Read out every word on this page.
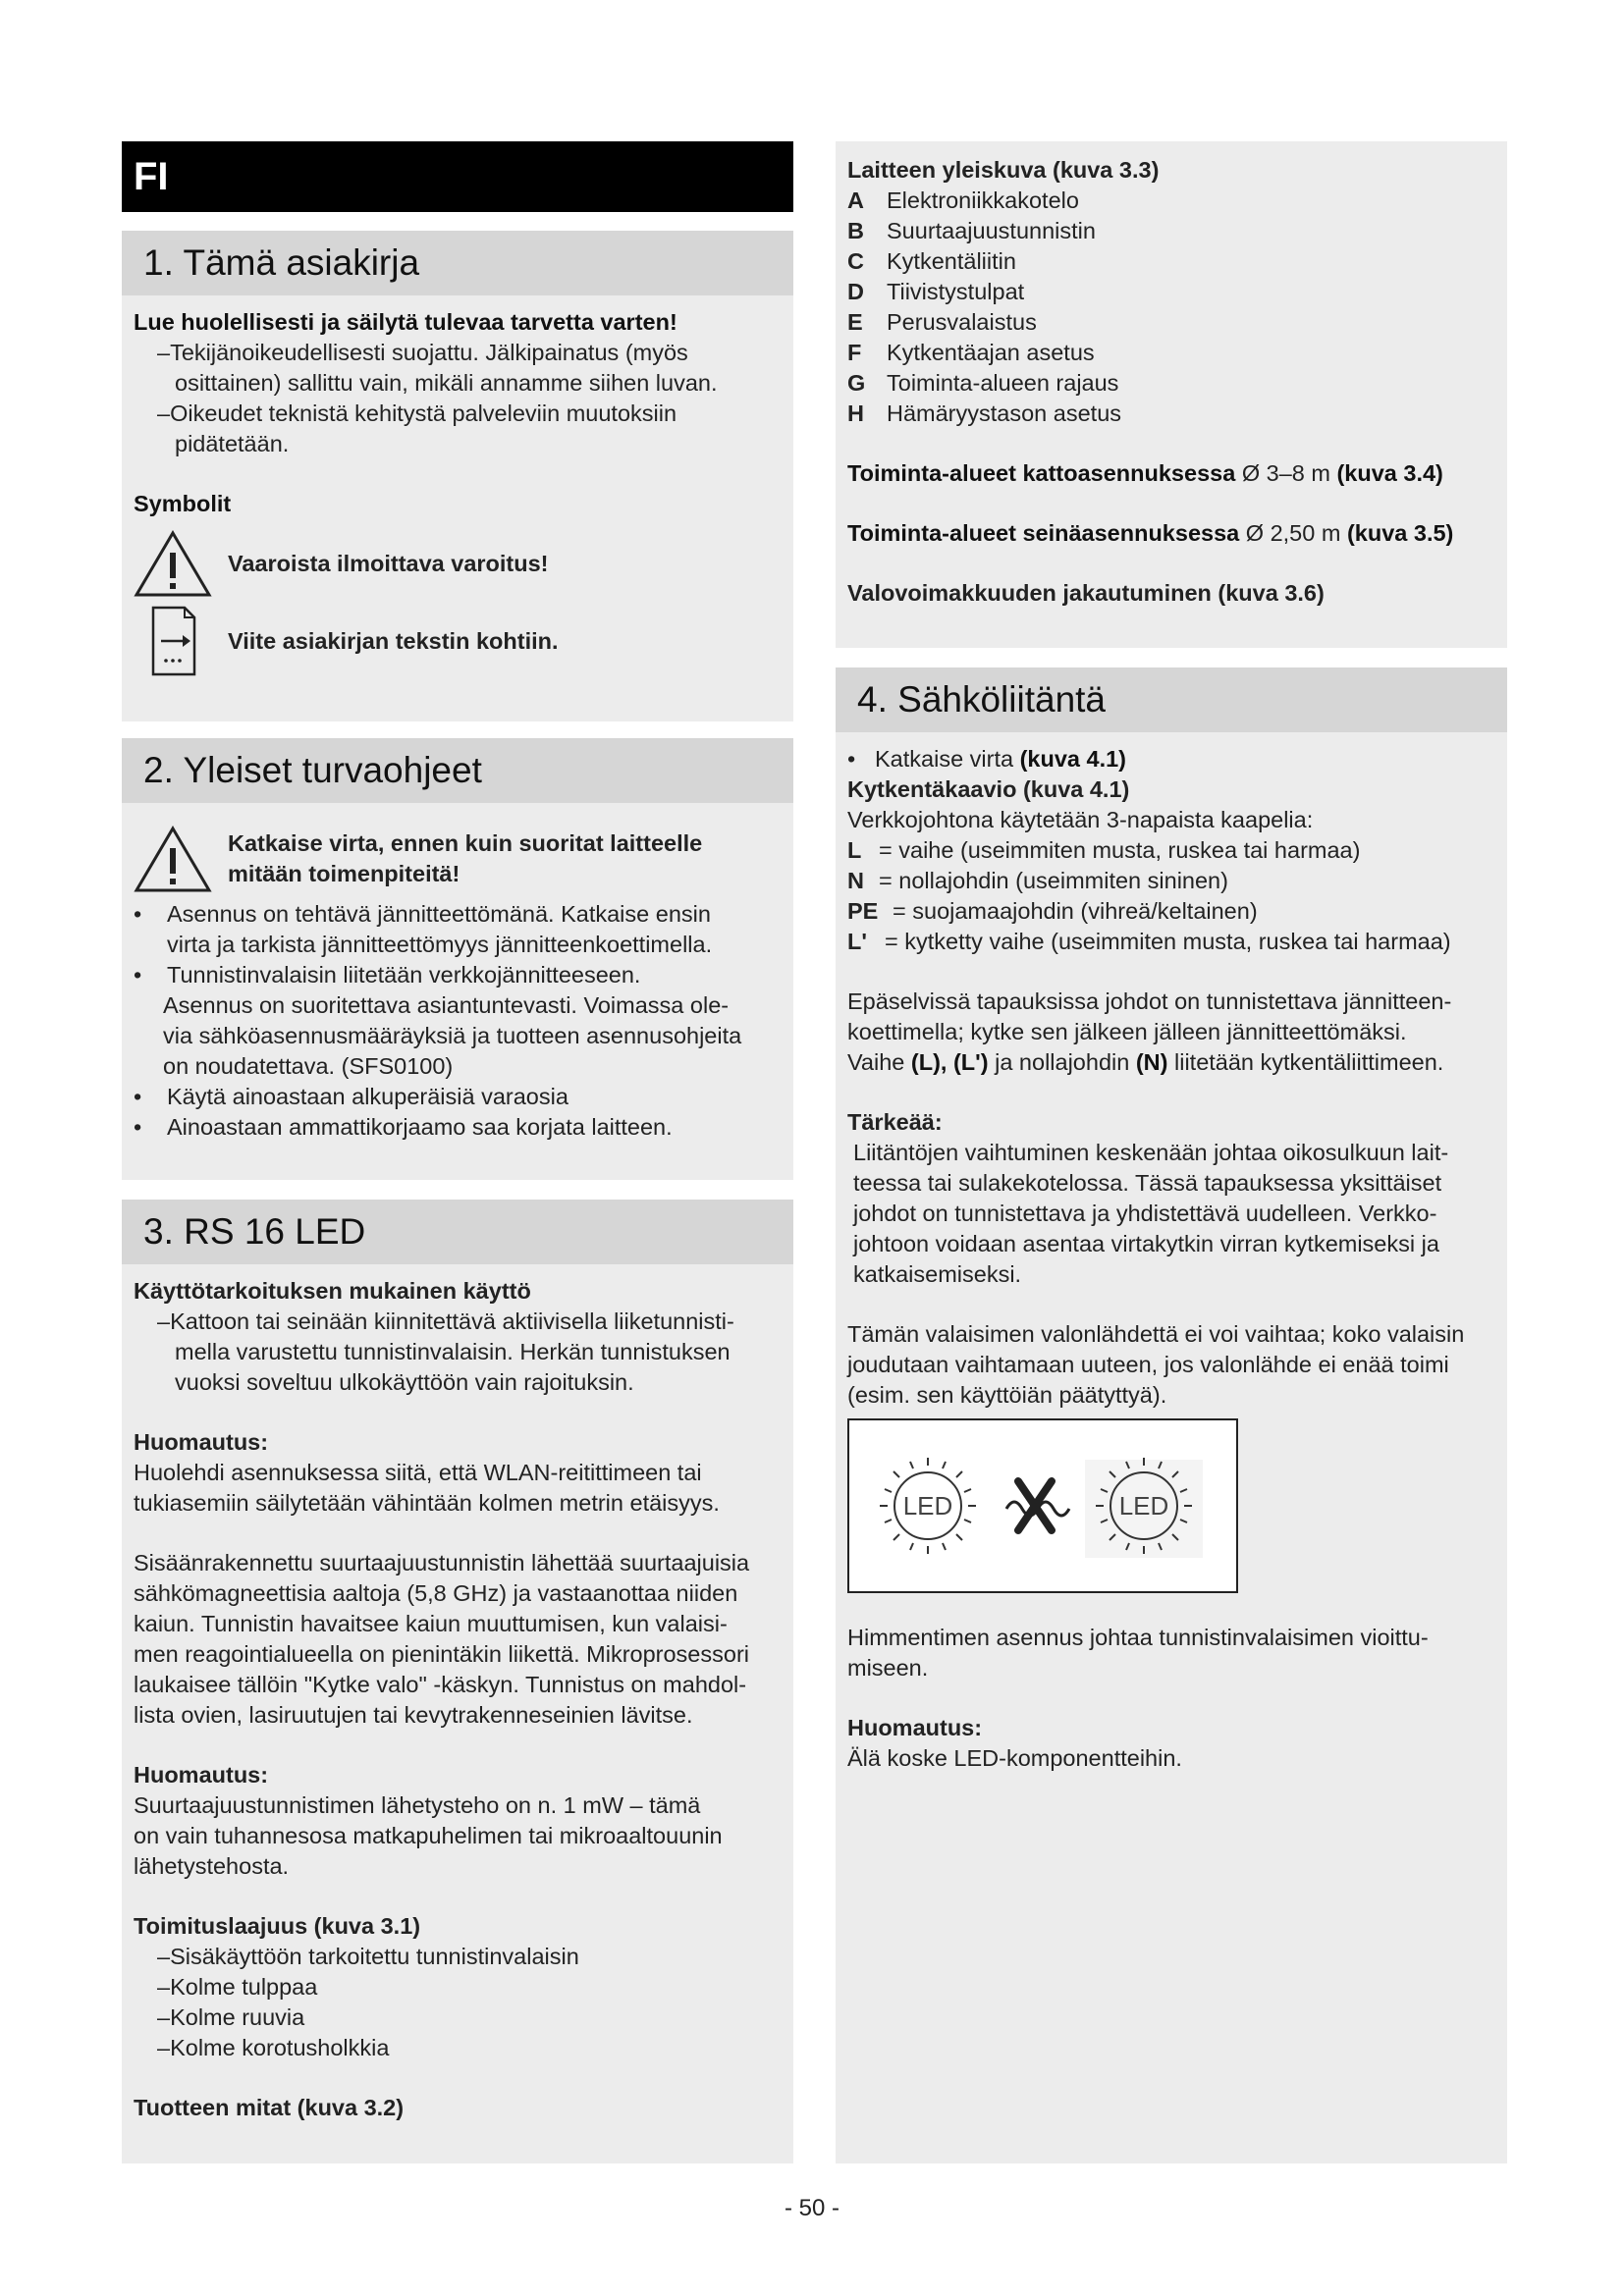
FI
1. Tämä asiakirja

Lue huolellisesti ja säilytä tulevaa tarvetta varten!

– Tekijänoikeudellisesti suojattu. Jälkipainatus (myös
osittainen) sallittu vain, mikäli annamme siihen luvan.

– Oikeudet teknistä kehitystä palveleviin muutoksiin
pidätetään.

Symbolit

Vaaroista ilmoittava varoitus!
Viite asiakirjan tekstin kohtiin.
2. Yleiset turvaohjeet
Katkaise virta, ennen kuin suoritat laitteelle
mitään toimenpiteitä!

• Asennus on tehtävä jännitteettömänä. Katkaise ensin
virta ja tarkista jännitteettömyys jännitteenkoettimella.

• Tunnistinvalaisin liitetään verkkojännitteeseen.

Asennus on suoritettava asiantuntevasti. Voimassa ole-
via sähköasennusmääräyksiä ja tuotteen asennusohjeita
on noudatettava. (SFS0100)

• Käytä ainoastaan alkuperäisiä varaosia

• Ainoastaan ammattikorjaamo saa korjata laitteen.

3. RS 16 LED

Käyttötarkoituksen mukainen käyttö

– Kattoon tai seinään kiinnitettävä aktiivisella liiketunnisti-
mella varustettu tunnistinvalaisin. Herkän tunnistuksen
vuoksi soveltuu ulkokäyttöön vain rajoituksin.

Huomautus:

Huolehdi asennuksessa siitä, että WLAN-reitittimeen tai
tukiasemiin säilytetään vähintään kolmen metrin etäisyys.

Sisäänrakennettu suurtaajuustunnistin lähettää suurtaajuisia
sähkömagneettisia aaltoja (5,8 GHz) ja vastaanottaa niiden
kaiun. Tunnistin havaitsee kaiun muuttumisen, kun valaisi-
men reagointialueella on pienintäkin liikettä. Mikroprosessori
laukaisee tällöin "Kytke valo" -käskyn. Tunnistus on mahdol-
lista ovien, lasiruutujen tai kevytrakenneseinien lävitse.

Huomautus:

Suurtaajuustunnistimen lähetysteho on n. 1 mW – tämä
on vain tuhannesosa matkapuhelimen tai mikroaaltouunin
lähetystehosta.

Toimituslaajuus (kuva 3.1)

– Sisäkäyttöön tarkoitettu tunnistinvalaisin

– Kolme tulppaa

– Kolme ruuvia

– Kolme korotusholkkia

Tuotteen mitat (kuva 3.2)

Laitteen yleiskuva (kuva 3.3)

A Elektroniikkakotelo
B Suurtaajuustunnistin
C Kytkentäliitin
D Tiivistystulpat
E	Perusvalaistus
F	Kytkentäajan asetus
G Toiminta-alueen rajaus
H Hämäryystason asetus

Toiminta-alueet kattoasennuksessa Ø 3–8 m (kuva 3.4)

Toiminta-alueet seinäasennuksessa Ø 2,50 m (kuva 3.5)

Valovoimakkuuden jakautuminen (kuva 3.6)

4. Sähköliitäntä

• Katkaise virta (kuva 4.1)

Kytkentäkaavio (kuva 4.1)

Verkkojohtona käytetään 3-napaista kaapelia:

L = vaihe (useimmiten musta, ruskea tai harmaa)
N = nollajohdin (useimmiten sininen)
PE = suojamaajohdin (vihreä/keltainen)
L' = kytketty vaihe (useimmiten musta, ruskea tai harmaa)

Epäselvissä tapauksissa johdot on tunnistettava jännitteen-
koettimella; kytke sen jälkeen jälleen jännitteettömäksi.

Vaihe (L), (L') ja nollajohdin (N) liitetään kytkentäliittimeen.

Tärkeää:

Liitäntöjen vaihtuminen keskenään johtaa oikosulkuun lait-
teessa tai sulakekotelossa. Tässä tapauksessa yksittäiset
johdot on tunnistettava ja yhdistettävä uudelleen. Verkko-
johtoon voidaan asentaa virtakytkin virran kytkemiseksi ja
katkaisemiseksi.

Tämän valaisimen valonlähdettä ei voi vaihtaa; koko valaisin
joudutaan vaihtamaan uuteen, jos valonlähde ei enää toimi
(esim. sen käyttöiän päätyttyä).

LED	LED

Himmentimen asennus johtaa tunnistinvalaisimen vioittu-
miseen.

Huomautus:

Älä koske LED-komponentteihin.

- 50 -
